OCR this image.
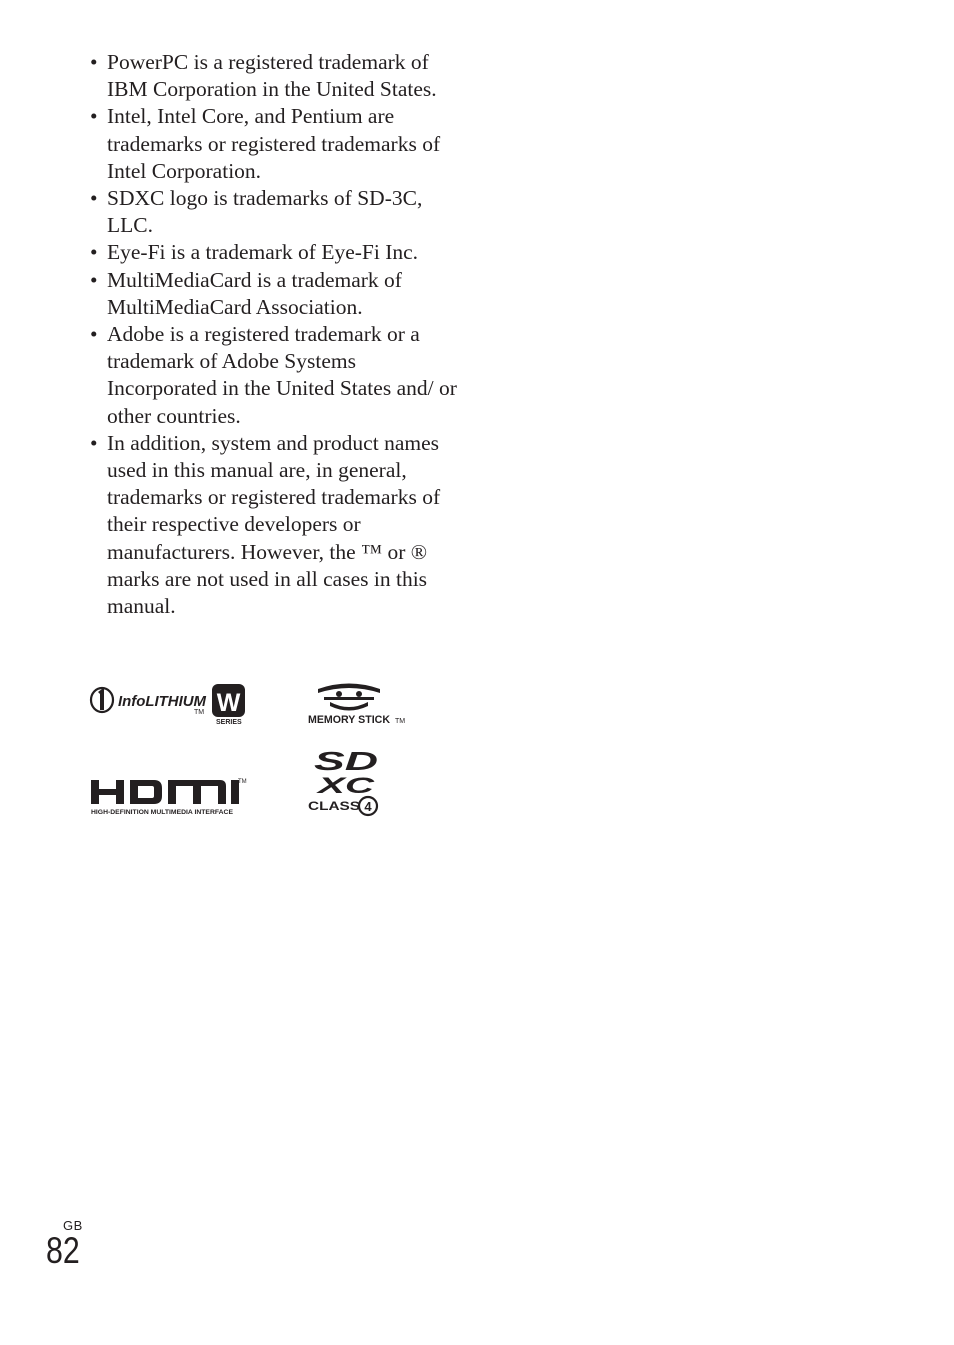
• PowerPC is a registered trademark of IBM Corporation in the United States.
• Intel, Intel Core, and Pentium are trademarks or registered trademarks of Intel Corporation.
• SDXC logo is trademarks of SD-3C, LLC.
• Eye-Fi is a trademark of Eye-Fi Inc.
• MultiMediaCard is a trademark of MultiMediaCard Association.
• Adobe is a registered trademark or a trademark of Adobe Systems Incorporated in the United States and/ or other countries.
• In addition, system and product names used in this manual are, in general, trademarks or registered trademarks of their respective developers or manufacturers. However, the ™ or ® marks are not used in all cases in this manual.
InfoLITHIUM
TM W
SERIES	MEMORY STICK TM
TM
HIGH-DEFINITION MULTIMEDIA INTERFACE
SD
XC
CLASS 4
GB
82
